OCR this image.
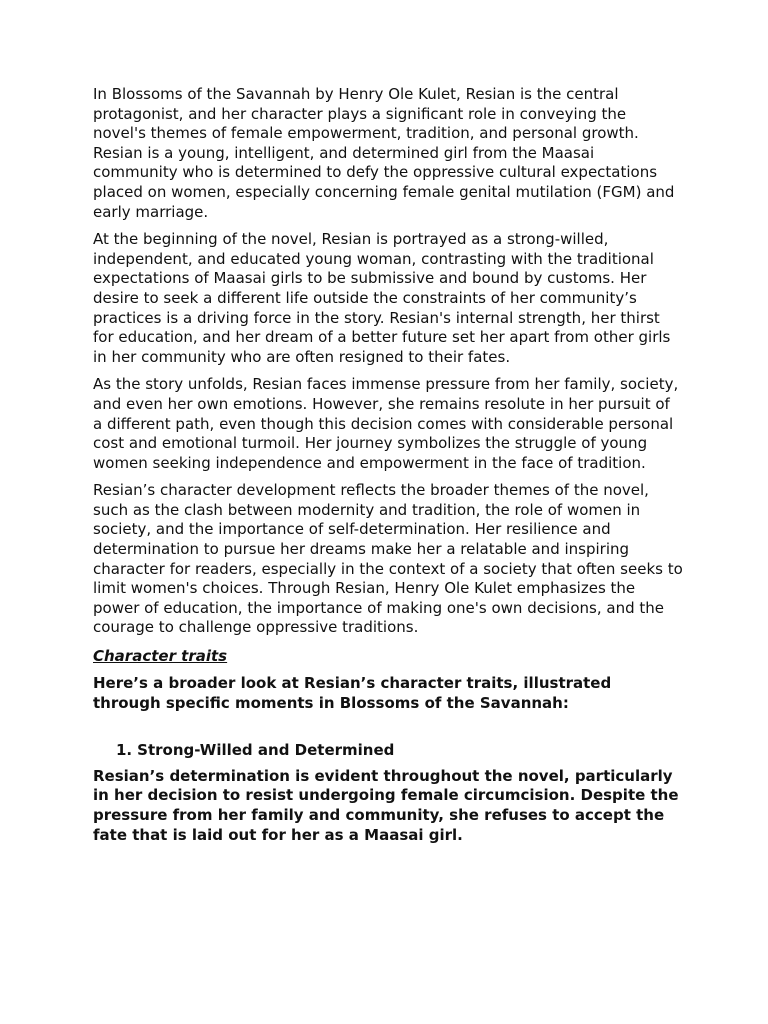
In Blossoms of the Savannah by Henry Ole Kulet, Resian is the central protagonist, and her character plays a significant role in conveying the novel's themes of female empowerment, tradition, and personal growth. Resian is a young, intelligent, and determined girl from the Maasai community who is determined to defy the oppressive cultural expectations placed on women, especially concerning female genital mutilation (FGM) and early marriage.

At the beginning of the novel, Resian is portrayed as a strong-willed, independent, and educated young woman, contrasting with the traditional expectations of Maasai girls to be submissive and bound by customs. Her desire to seek a different life outside the constraints of her community’s practices is a driving force in the story. Resian's internal strength, her thirst for education, and her dream of a better future set her apart from other girls in her community who are often resigned to their fates.

As the story unfolds, Resian faces immense pressure from her family, society, and even her own emotions. However, she remains resolute in her pursuit of a different path, even though this decision comes with considerable personal cost and emotional turmoil. Her journey symbolizes the struggle of young women seeking independence and empowerment in the face of tradition.

Resian’s character development reflects the broader themes of the novel, such as the clash between modernity and tradition, the role of women in society, and the importance of self-determination. Her resilience and determination to pursue her dreams make her a relatable and inspiring character for readers, especially in the context of a society that often seeks to limit women's choices. Through Resian, Henry Ole Kulet emphasizes the power of education, the importance of making one's own decisions, and the courage to challenge oppressive traditions.

Character traits

Here’s a broader look at Resian’s character traits, illustrated through specific moments in Blossoms of the Savannah:

1. Strong-Willed and Determined

Resian’s determination is evident throughout the novel, particularly in her decision to resist undergoing female circumcision. Despite the pressure from her family and community, she refuses to accept the fate that is laid out for her as a Maasai girl.
